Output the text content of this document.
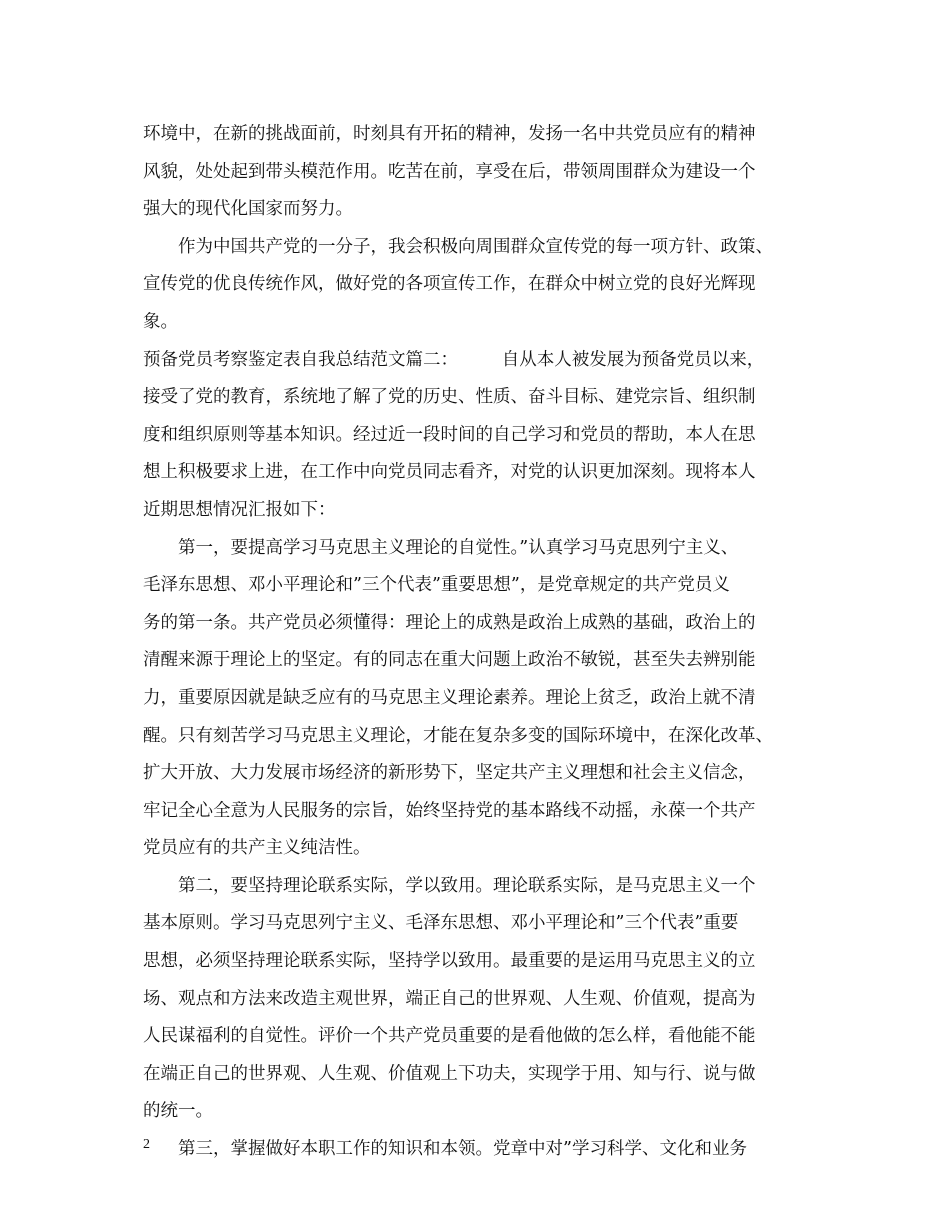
环境中，在新的挑战面前，时刻具有开拓的精神，发扬一名中共党员应有的精神
风貌，处处起到带头模范作用。吃苦在前，享受在后，带领周围群众为建设一个
强大的现代化国家而努力。
作为中国共产党的一分子，我会积极向周围群众宣传党的每一项方针、政策、
宣传党的优良传统作风，做好党的各项宣传工作，在群众中树立党的良好光辉现
象。
预备党员考察鉴定表自我总结范文篇二：　　　自从本人被发展为预备党员以来，
接受了党的教育，系统地了解了党的历史、性质、奋斗目标、建党宗旨、组织制
度和组织原则等基本知识。经过近一段时间的自己学习和党员的帮助，本人在思
想上积极要求上进，在工作中向党员同志看齐，对党的认识更加深刻。现将本人
近期思想情况汇报如下：
第一，要提高学习马克思主义理论的自觉性。”认真学习马克思列宁主义、
毛泽东思想、邓小平理论和”三个代表”重要思想”，是党章规定的共产党员义
务的第一条。共产党员必须懂得：理论上的成熟是政治上成熟的基础，政治上的
清醒来源于理论上的坚定。有的同志在重大问题上政治不敏锐，甚至失去辨别能
力，重要原因就是缺乏应有的马克思主义理论素养。理论上贫乏，政治上就不清
醒。只有刻苦学习马克思主义理论，才能在复杂多变的国际环境中，在深化改革、
扩大开放、大力发展市场经济的新形势下，坚定共产主义理想和社会主义信念，
牢记全心全意为人民服务的宗旨，始终坚持党的基本路线不动摇，永葆一个共产
党员应有的共产主义纯洁性。
第二，要坚持理论联系实际，学以致用。理论联系实际，是马克思主义一个
基本原则。学习马克思列宁主义、毛泽东思想、邓小平理论和”三个代表”重要
思想，必须坚持理论联系实际，坚持学以致用。最重要的是运用马克思主义的立
场、观点和方法来改造主观世界，端正自己的世界观、人生观、价值观，提高为
人民谋福利的自觉性。评价一个共产党员重要的是看他做的怎么样，看他能不能
在端正自己的世界观、人生观、价值观上下功夫，实现学于用、知与行、说与做
的统一。
第三，掌握做好本职工作的知识和本领。党章中对”学习科学、文化和业务
2
